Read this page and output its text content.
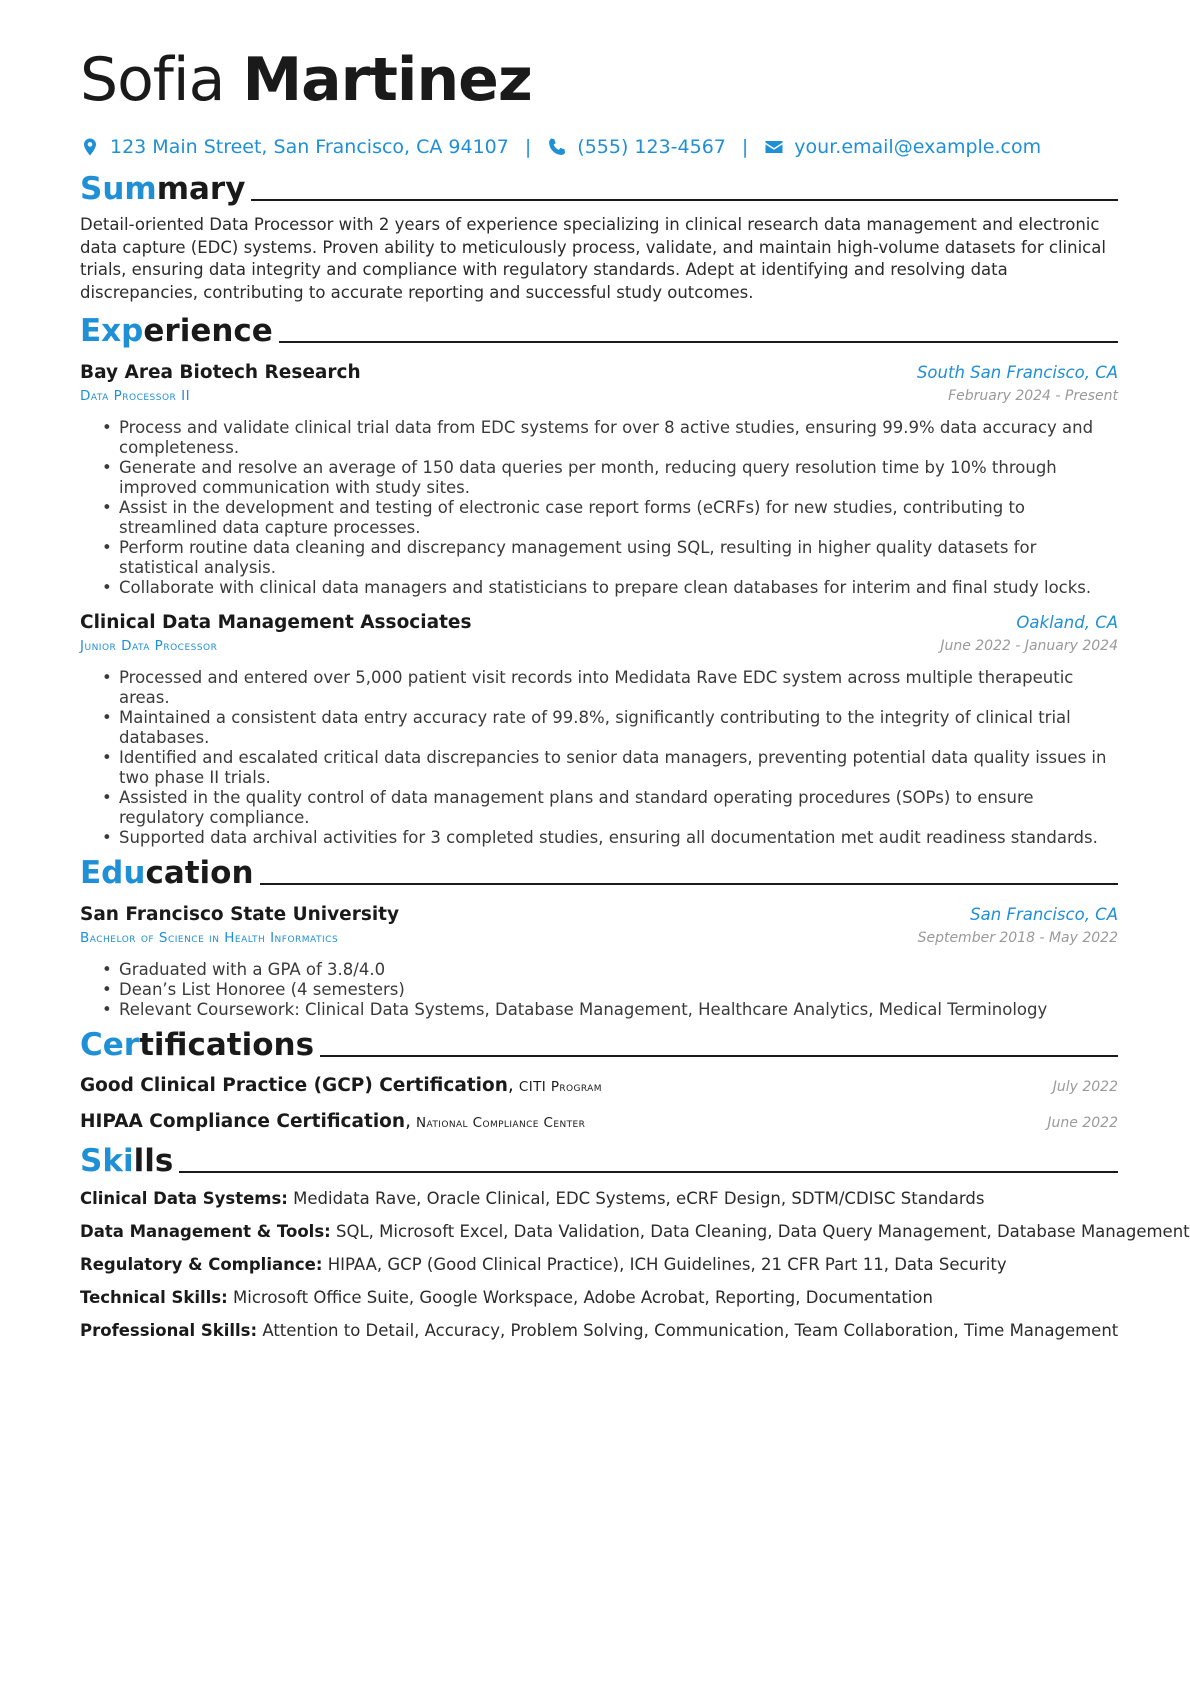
Sofia Martinez
123 Main Street, San Francisco, CA 94107 | (555) 123-4567 | your.email@example.com
Summary
Detail-oriented Data Processor with 2 years of experience specializing in clinical research data management and electronic data capture (EDC) systems. Proven ability to meticulously process, validate, and maintain high-volume datasets for clinical trials, ensuring data integrity and compliance with regulatory standards. Adept at identifying and resolving data discrepancies, contributing to accurate reporting and successful study outcomes.
Experience
Bay Area Biotech Research	South San Francisco, CA
Data Processor II	February 2024 - Present
• Process and validate clinical trial data from EDC systems for over 8 active studies, ensuring 99.9% data accuracy and completeness.
• Generate and resolve an average of 150 data queries per month, reducing query resolution time by 10% through improved communication with study sites.
• Assist in the development and testing of electronic case report forms (eCRFs) for new studies, contributing to streamlined data capture processes.
• Perform routine data cleaning and discrepancy management using SQL, resulting in higher quality datasets for statistical analysis.
• Collaborate with clinical data managers and statisticians to prepare clean databases for interim and final study locks.
Clinical Data Management Associates	Oakland, CA
Junior Data Processor	June 2022 - January 2024
• Processed and entered over 5,000 patient visit records into Medidata Rave EDC system across multiple therapeutic areas.
• Maintained a consistent data entry accuracy rate of 99.8%, significantly contributing to the integrity of clinical trial databases.
• Identified and escalated critical data discrepancies to senior data managers, preventing potential data quality issues in two phase II trials.
• Assisted in the quality control of data management plans and standard operating procedures (SOPs) to ensure regulatory compliance.
• Supported data archival activities for 3 completed studies, ensuring all documentation met audit readiness standards.
Education
San Francisco State University	San Francisco, CA
Bachelor of Science in Health Informatics	September 2018 - May 2022
• Graduated with a GPA of 3.8/4.0
• Dean’s List Honoree (4 semesters)
• Relevant Coursework: Clinical Data Systems, Database Management, Healthcare Analytics, Medical Terminology
Certifications
Good Clinical Practice (GCP) Certification, CITI Program	July 2022
HIPAA Compliance Certification, National Compliance Center	June 2022
Skills
Clinical Data Systems: Medidata Rave, Oracle Clinical, EDC Systems, eCRF Design, SDTM/CDISC Standards
Data Management & Tools: SQL, Microsoft Excel, Data Validation, Data Cleaning, Data Query Management, Database Management
Regulatory & Compliance: HIPAA, GCP (Good Clinical Practice), ICH Guidelines, 21 CFR Part 11, Data Security
Technical Skills: Microsoft Office Suite, Google Workspace, Adobe Acrobat, Reporting, Documentation
Professional Skills: Attention to Detail, Accuracy, Problem Solving, Communication, Team Collaboration, Time Management
